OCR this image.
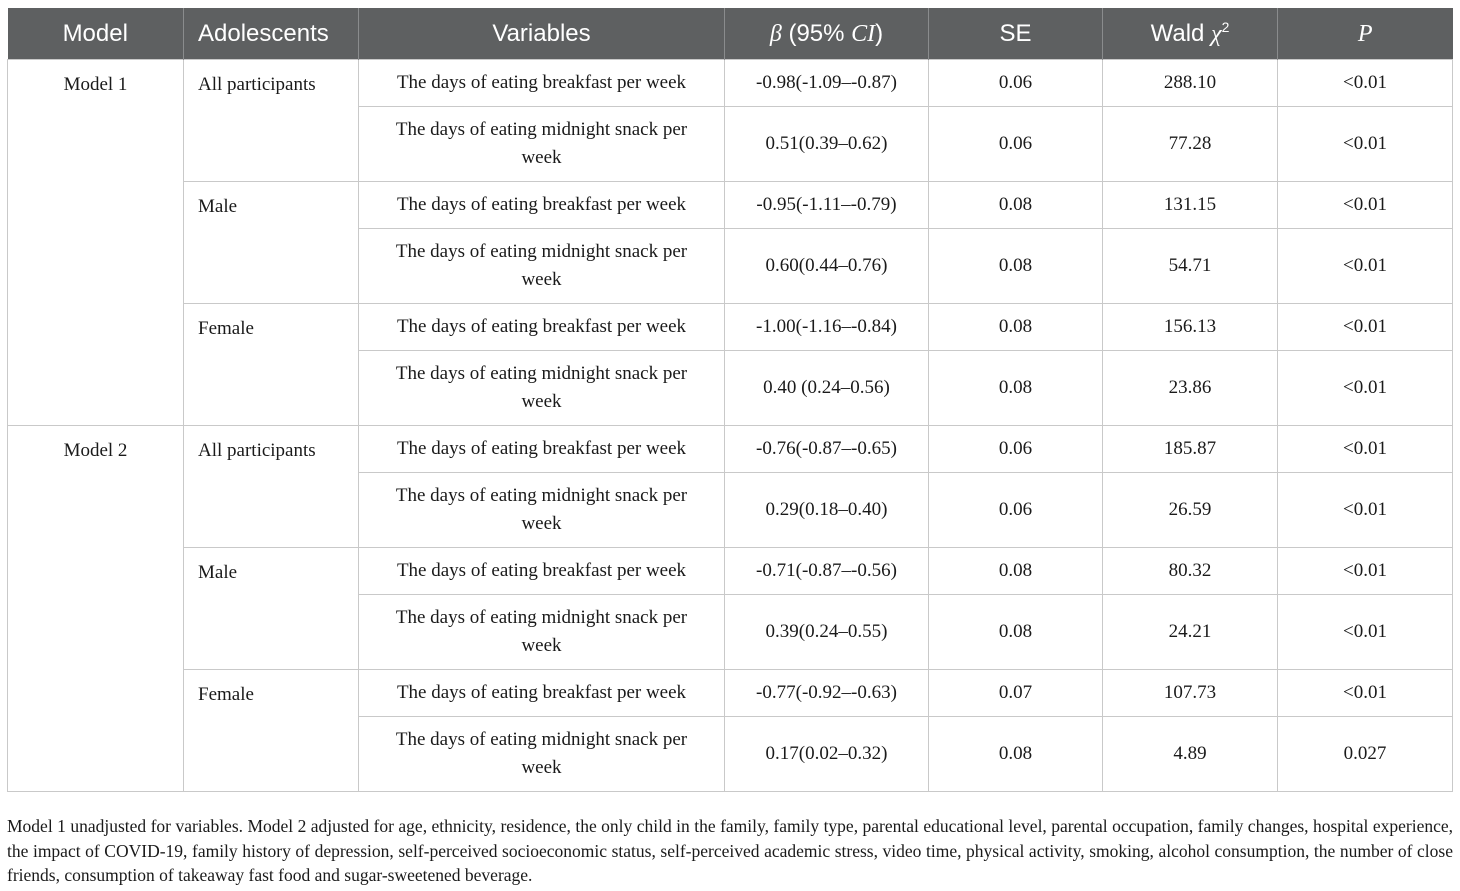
Model	Adolescents	Variables	β (95% CI)	SE	Wald $\chi^2$	P
Model 1	All participants	The days of eating breakfast per week	-0.98(-1.09–-0.87)	0.06	288.10	<0.01
		The days of eating midnight snack per week	0.51(0.39–0.62)	0.06	77.28	<0.01
	Male	The days of eating breakfast per week	-0.95(-1.11–-0.79)	0.08	131.15	<0.01
		The days of eating midnight snack per week	0.60(0.44–0.76)	0.08	54.71	<0.01
	Female	The days of eating breakfast per week	-1.00(-1.16–-0.84)	0.08	156.13	<0.01
		The days of eating midnight snack per week	0.40 (0.24–0.56)	0.08	23.86	<0.01
Model 2	All participants	The days of eating breakfast per week	-0.76(-0.87–-0.65)	0.06	185.87	<0.01
		The days of eating midnight snack per week	0.29(0.18–0.40)	0.06	26.59	<0.01
	Male	The days of eating breakfast per week	-0.71(-0.87–-0.56)	0.08	80.32	<0.01
		The days of eating midnight snack per week	0.39(0.24–0.55)	0.08	24.21	<0.01
	Female	The days of eating breakfast per week	-0.77(-0.92–-0.63)	0.07	107.73	<0.01
		The days of eating midnight snack per week	0.17(0.02–0.32)	0.08	4.89	0.027
Model 1 unadjusted for variables. Model 2 adjusted for age, ethnicity, residence, the only child in the family, family type, parental educational level, parental occupation, family changes, hospital experience, the impact of COVID-19, family history of depression, self-perceived socioeconomic status, self-perceived academic stress, video time, physical activity, smoking, alcohol consumption, the number of close friends, consumption of takeaway fast food and sugar-sweetened beverage.
